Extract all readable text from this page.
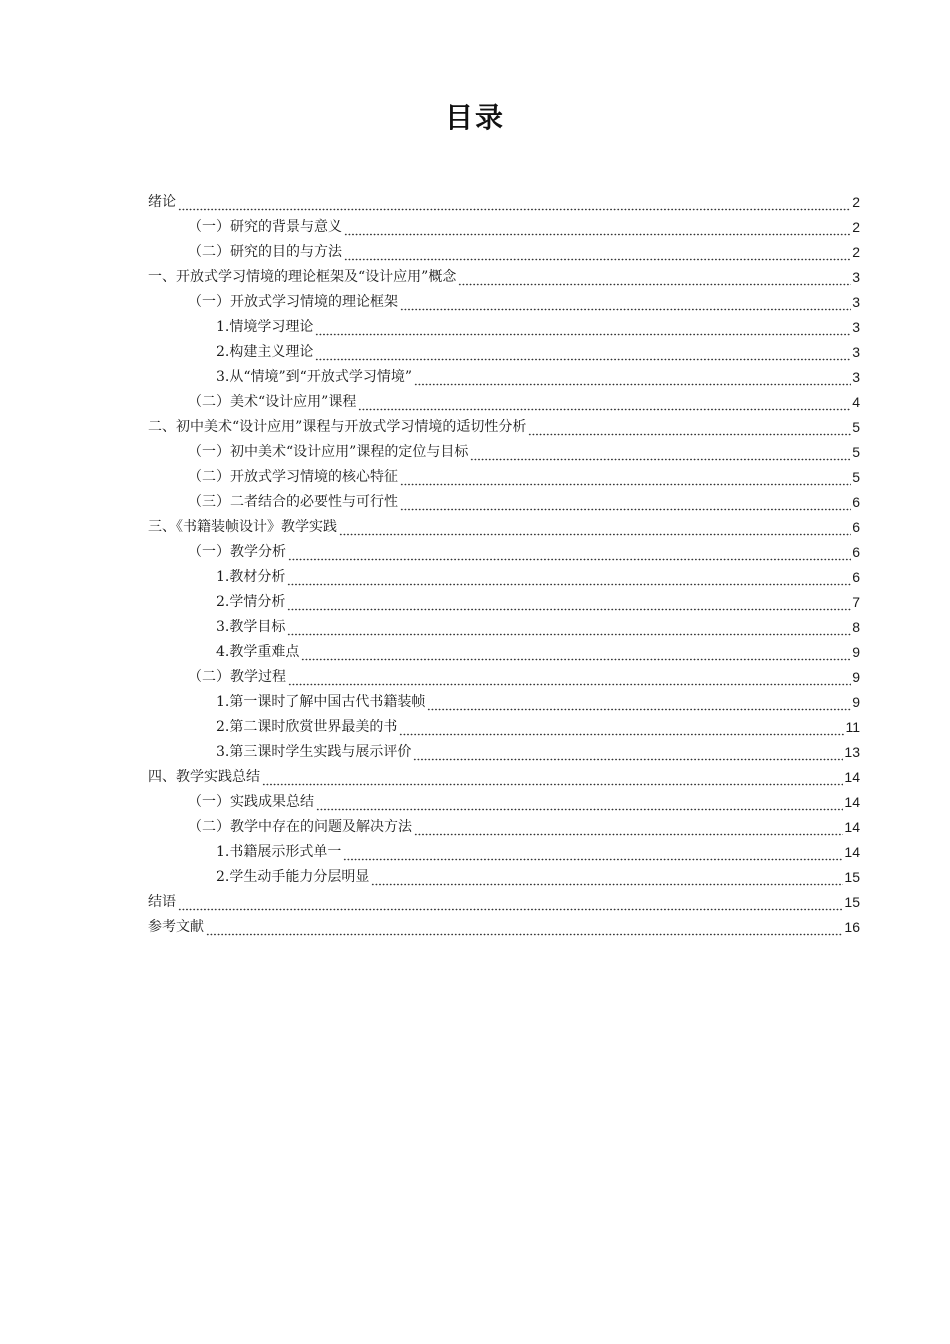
目录
绪论	2
（一）研究的背景与意义	2
（二）研究的目的与方法	2
一、开放式学习情境的理论框架及“设计应用”概念	3
（一）开放式学习情境的理论框架	3
1.情境学习理论	3
2.构建主义理论	3
3.从“情境”到“开放式学习情境”	3
（二）美术“设计应用”课程	4
二、初中美术“设计应用”课程与开放式学习情境的适切性分析	5
（一）初中美术“设计应用”课程的定位与目标	5
（二）开放式学习情境的核心特征	5
（三）二者结合的必要性与可行性	6
三、《书籍装帧设计》教学实践	6
（一）教学分析	6
1.教材分析	6
2.学情分析	7
3.教学目标	8
4.教学重难点	9
（二）教学过程	9
1.第一课时了解中国古代书籍装帧	9
2.第二课时欣赏世界最美的书	11
3.第三课时学生实践与展示评价	13
四、教学实践总结	14
（一）实践成果总结	14
（二）教学中存在的问题及解决方法	14
1.书籍展示形式单一	14
2.学生动手能力分层明显	15
结语	15
参考文献	16
